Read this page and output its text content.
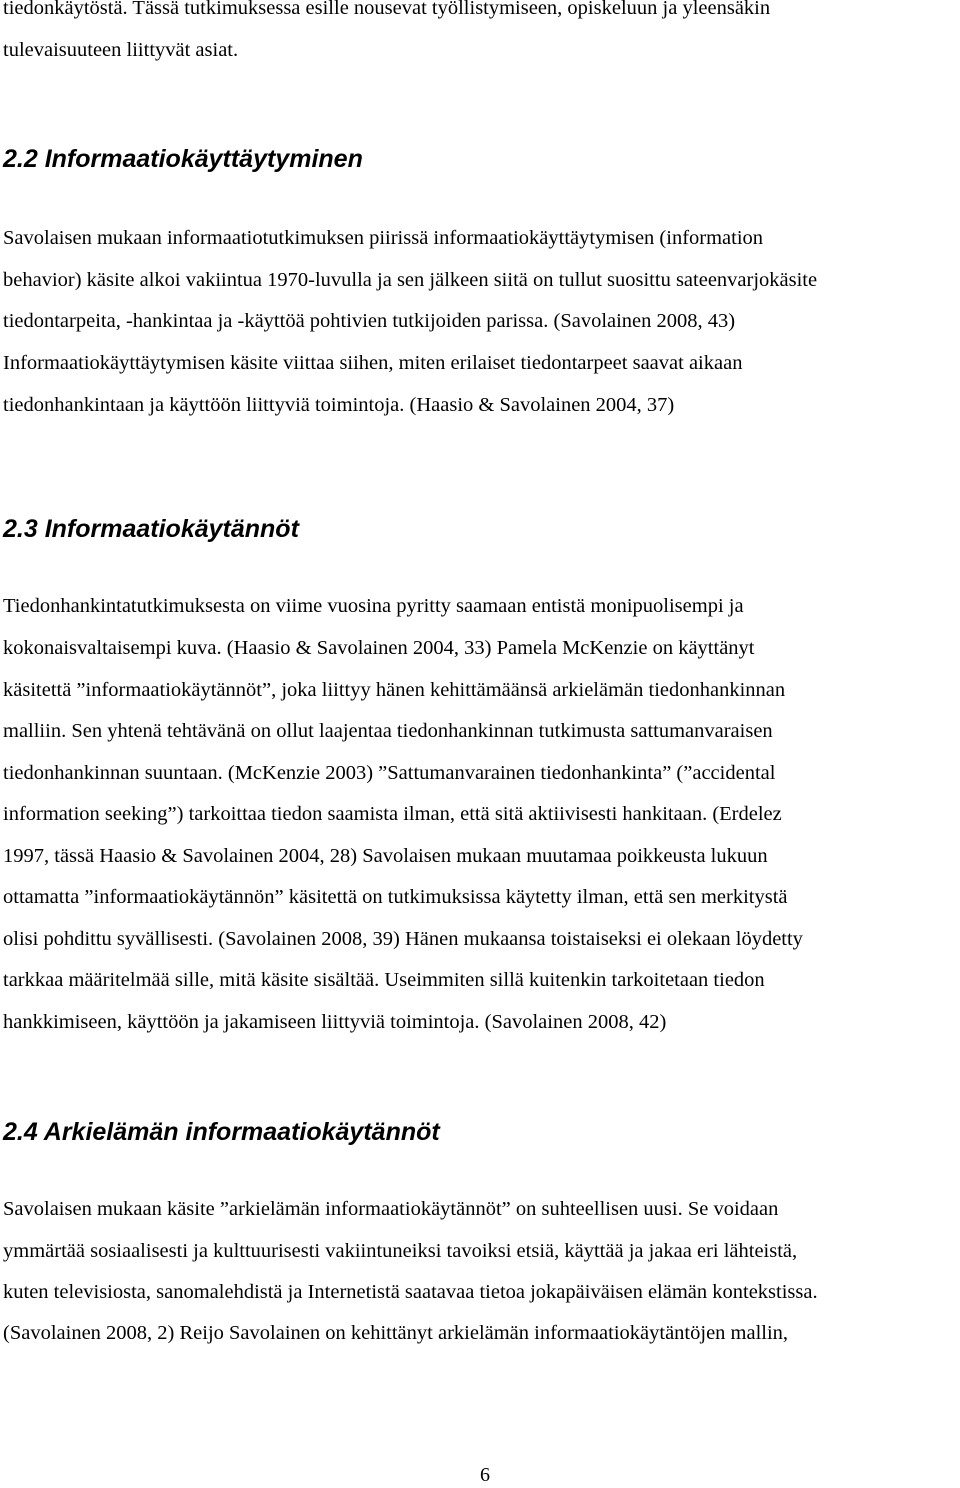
tiedonkäytöstä. Tässä tutkimuksessa esille nousevat työllistymiseen, opiskeluun ja yleensäkin
tulevaisuuteen liittyvät asiat.
2.2 Informaatiokäyttäytyminen
Savolaisen mukaan informaatiotutkimuksen piirissä informaatiokäyttäytymisen (information
behavior) käsite alkoi vakiintua 1970-luvulla ja sen jälkeen siitä on tullut suosittu sateenvarjokäsite
tiedontarpeita, -hankintaa ja -käyttöä pohtivien tutkijoiden parissa. (Savolainen 2008, 43)
Informaatiokäyttäytymisen käsite viittaa siihen, miten erilaiset tiedontarpeet saavat aikaan
tiedonhankintaan ja käyttöön liittyviä toimintoja. (Haasio & Savolainen 2004, 37)
2.3 Informaatiokäytännöt
Tiedonhankintatutkimuksesta on viime vuosina pyritty saamaan entistä monipuolisempi ja
kokonaisvaltaisempi kuva. (Haasio & Savolainen 2004, 33) Pamela McKenzie on käyttänyt
käsitettä ”informaatiokäytännöt”, joka liittyy hänen kehittämäänsä arkielämän tiedonhankinnan
malliin. Sen yhtenä tehtävänä on ollut laajentaa tiedonhankinnan tutkimusta sattumanvaraisen
tiedonhankinnan suuntaan. (McKenzie 2003) ”Sattumanvarainen tiedonhankinta” (”accidental
information seeking”) tarkoittaa tiedon saamista ilman, että sitä aktiivisesti hankitaan. (Erdelez
1997, tässä Haasio & Savolainen 2004, 28) Savolaisen mukaan muutamaa poikkeusta lukuun
ottamatta ”informaatiokäytännön” käsitettä on tutkimuksissa käytetty ilman, että sen merkitystä
olisi pohdittu syvällisesti. (Savolainen 2008, 39) Hänen mukaansa toistaiseksi ei olekaan löydetty
tarkkaa määritelmää sille, mitä käsite sisältää. Useimmiten sillä kuitenkin tarkoitetaan tiedon
hankkimiseen, käyttöön ja jakamiseen liittyviä toimintoja. (Savolainen 2008, 42)
2.4 Arkielämän informaatiokäytännöt
Savolaisen mukaan käsite ”arkielämän informaatiokäytännöt” on suhteellisen uusi. Se voidaan
ymmärtää sosiaalisesti ja kulttuurisesti vakiintuneiksi tavoiksi etsiä, käyttää ja jakaa eri lähteistä,
kuten televisiosta, sanomalehdistä ja Internetistä saatavaa tietoa jokapäiväisen elämän kontekstissa.
(Savolainen 2008, 2) Reijo Savolainen on kehittänyt arkielämän informaatiokäytäntöjen mallin,
6
